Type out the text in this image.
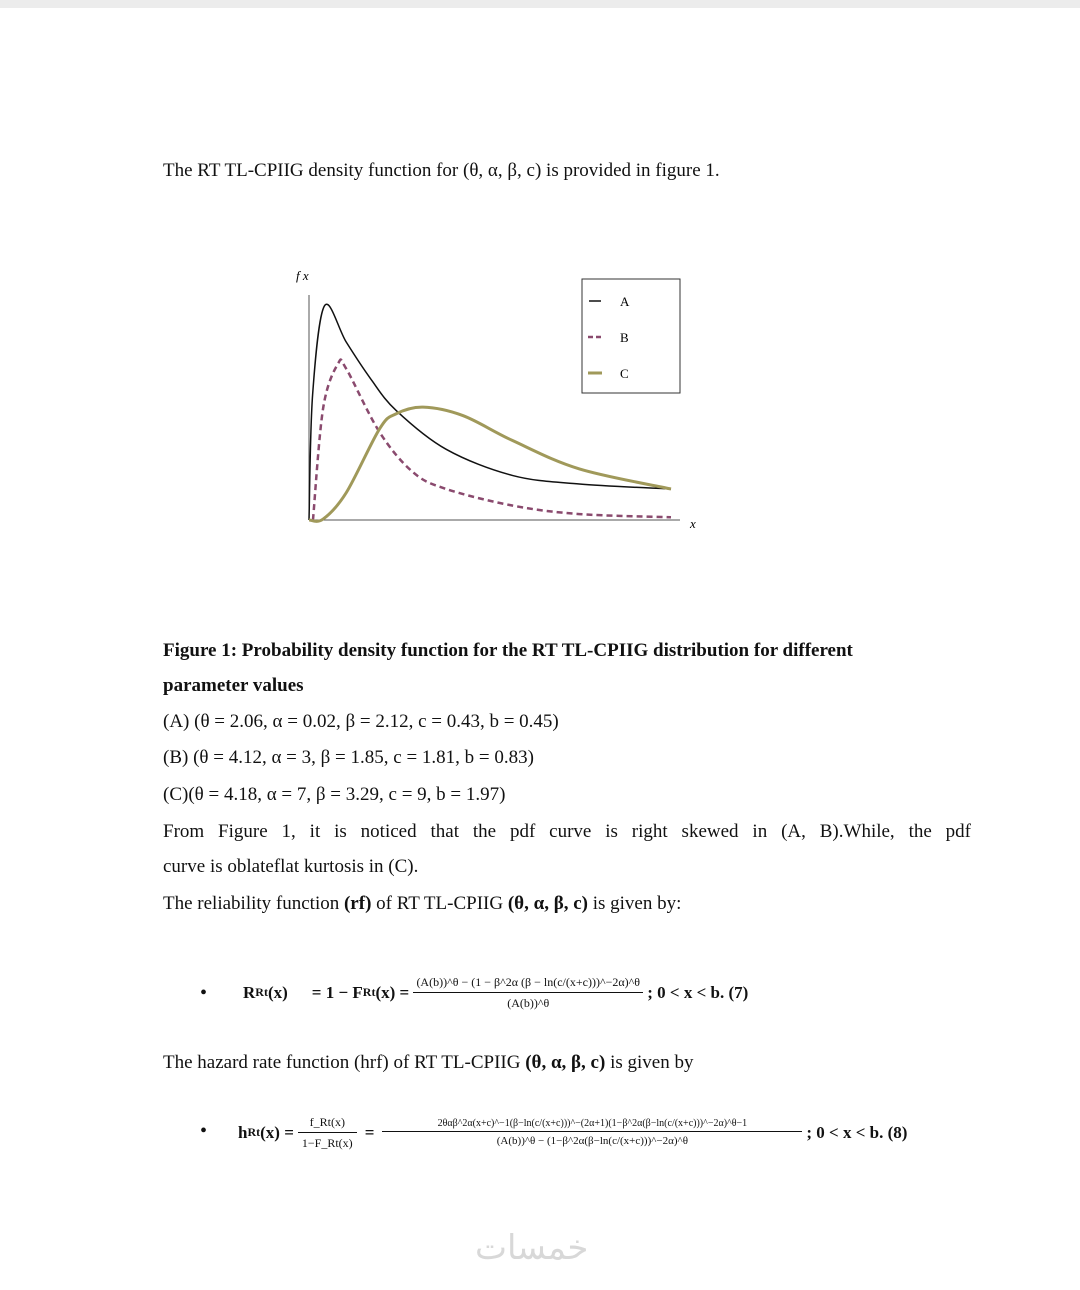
The RT TL-CPIIG density function for (θ, α, β, c) is provided in figure 1.
f x
x
A
B
C
Figure 1: Probability density function for the RT TL-CPIIG distribution for different
parameter values
(A) (θ = 2.06, α = 0.02, β = 2.12, c = 0.43, b = 0.45)
(B) (θ = 4.12, α = 3, β = 1.85, c = 1.81, b = 0.83)
(C)(θ = 4.18, α = 7, β = 3.29, c = 9, b = 1.97)
From Figure 1, it is noticed that the pdf curve is right skewed in (A, B).While, the pdf
curve is oblateflat kurtosis in (C).
The reliability function (rf) of RT TL-CPIIG (θ, α, β, c) is given by:
• R Rt (x) = 1 − F Rt $(x) = \frac{(A(b))\^{}\theta - (1 - \beta\^{}2\alpha (\beta - \ln(c/(x+c)))\^{}-2\alpha)\^{}\theta}{(A(b))\^{}\theta}$ ; 0 < x < b. (7)
The hazard rate function (hrf) of RT TL-CPIIG (θ, α, β, c) is given by
• h Rt $(x) = \frac{f\_Rt(x)}{1-F\_Rt(x)}$ =	2θαβ^2α(x+c)^−1(β−ln(c/(x+c)))^−(2α+1)(1−β^2α(β−ln(c/(x+c)))^−2α)^θ−1
(A(b))^θ − (1−β^2α(β−ln(c/(x+c)))^−2α)^θ	; 0 < x < b. (8)
خمسات
